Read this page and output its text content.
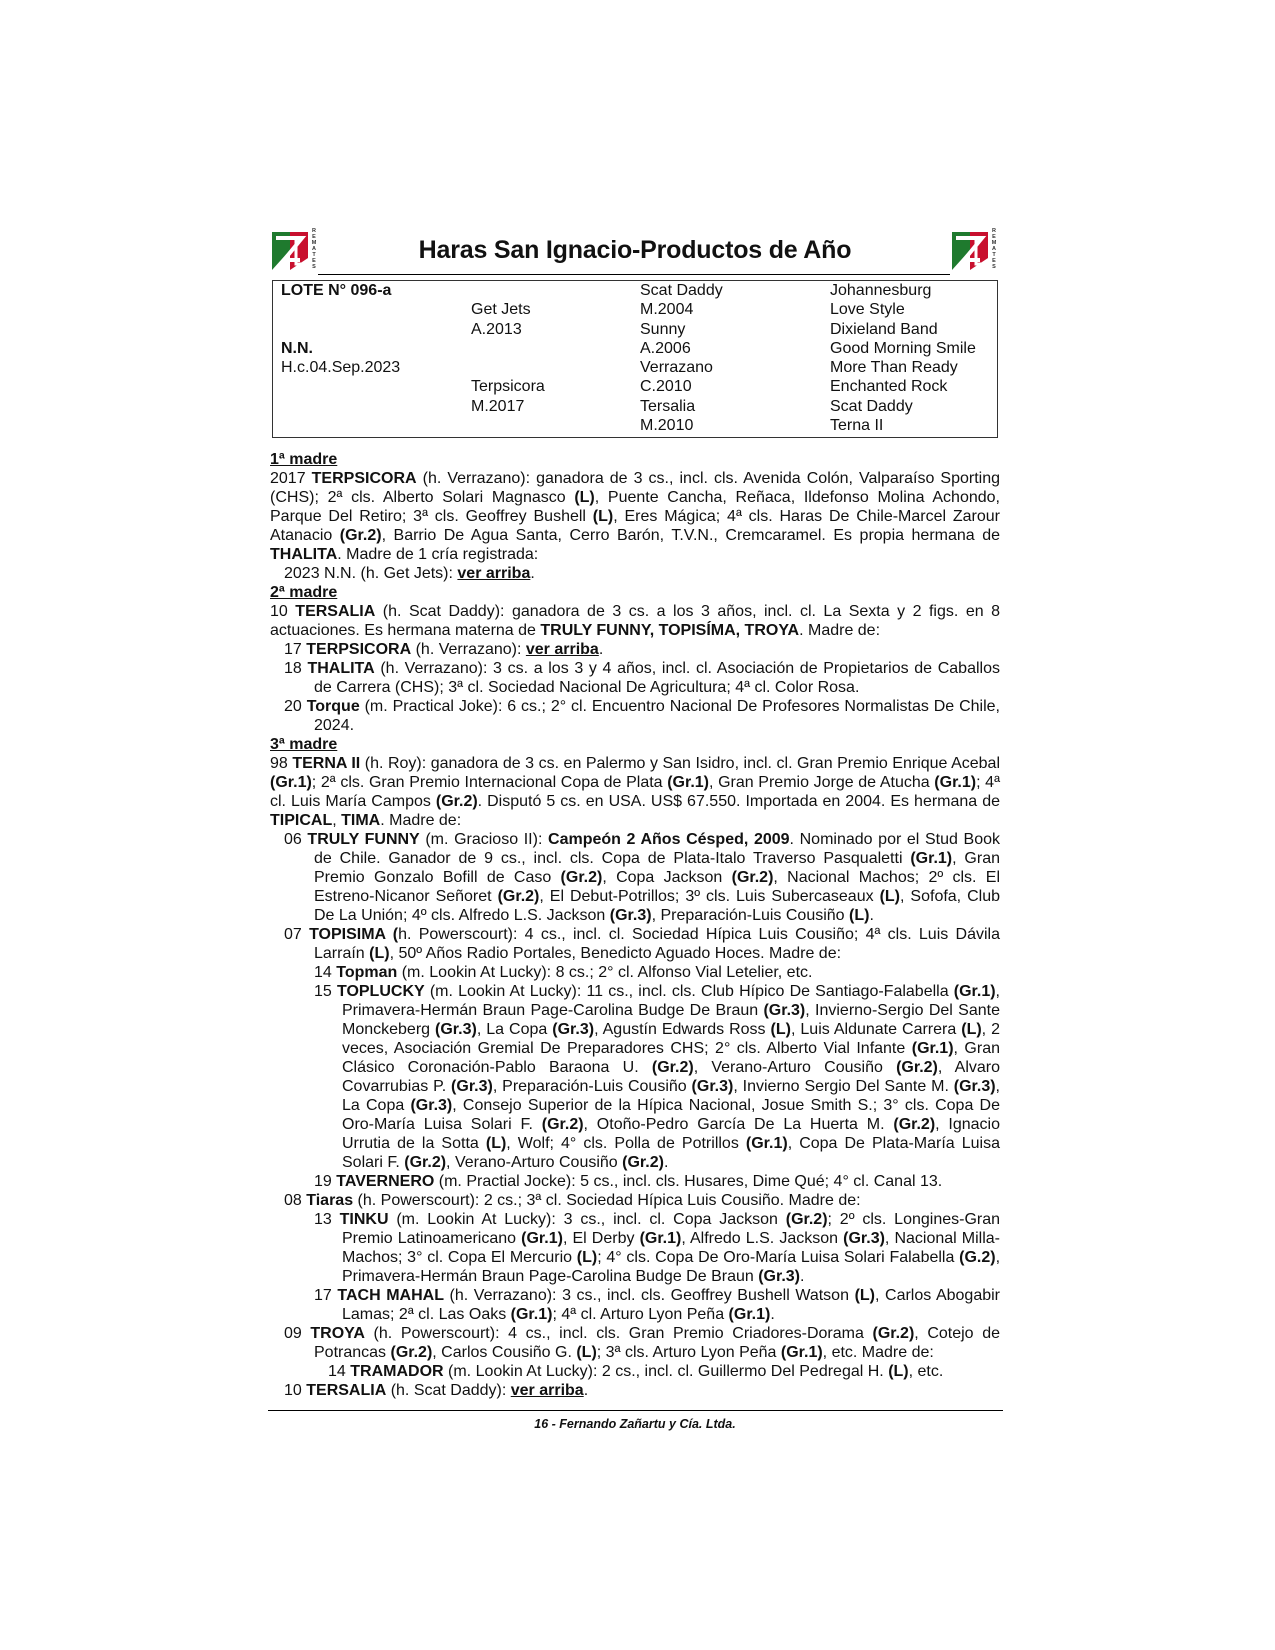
R
E
M
A
T
E
S
Haras San Ignacio-Productos de Año
R
E
M
A
T
E
S
LOTE N° 096-a
N.N.
H.c.04.Sep.2023
Get Jets
A.2013
Terpsicora
M.2017
Scat Daddy
M.2004
Sunny
A.2006
Verrazano
C.2010
Tersalia
M.2010
Johannesburg
Love Style
Dixieland Band
Good Morning Smile
More Than Ready
Enchanted Rock
Scat Daddy
Terna II
1ª madre
2017 TERPSICORA (h. Verrazano): ganadora de 3 cs., incl. cls. Avenida Colón, Valparaíso Sporting (CHS); 2ª cls. Alberto Solari Magnasco (L), Puente Cancha, Reñaca, Ildefonso Molina Achondo, Parque Del Retiro; 3ª cls. Geoffrey Bushell (L), Eres Mágica; 4ª cls. Haras De Chile-Marcel Zarour Atanacio (Gr.2), Barrio De Agua Santa, Cerro Barón, T.V.N., Cremcaramel. Es propia hermana de THALITA. Madre de 1 cría registrada:
2023 N.N. (h. Get Jets): ver arriba.
2ª madre
10 TERSALIA (h. Scat Daddy): ganadora de 3 cs. a los 3 años, incl. cl. La Sexta y 2 figs. en 8 actuaciones. Es hermana materna de TRULY FUNNY, TOPISÍMA, TROYA. Madre de:
17 TERPSICORA (h. Verrazano): ver arriba.
18 THALITA (h. Verrazano): 3 cs. a los 3 y 4 años, incl. cl. Asociación de Propietarios de Caballos de Carrera (CHS); 3ª cl. Sociedad Nacional De Agricultura; 4ª cl. Color Rosa.
20 Torque (m. Practical Joke): 6 cs.; 2° cl. Encuentro Nacional De Profesores Normalistas De Chile, 2024.
3ª madre
98 TERNA II (h. Roy): ganadora de 3 cs. en Palermo y San Isidro, incl. cl. Gran Premio Enrique Acebal (Gr.1); 2ª cls. Gran Premio Internacional Copa de Plata (Gr.1), Gran Premio Jorge de Atucha (Gr.1); 4ª cl. Luis María Campos (Gr.2). Disputó 5 cs. en USA. US$ 67.550. Importada en 2004. Es hermana de TIPICAL, TIMA. Madre de:
06 TRULY FUNNY (m. Gracioso II): Campeón 2 Años Césped, 2009. Nominado por el Stud Book de Chile. Ganador de 9 cs., incl. cls. Copa de Plata-Italo Traverso Pasqualetti (Gr.1), Gran Premio Gonzalo Bofill de Caso (Gr.2), Copa Jackson (Gr.2), Nacional Machos; 2º cls. El Estreno-Nicanor Señoret (Gr.2), El Debut-Potrillos; 3º cls. Luis Subercaseaux (L), Sofofa, Club De La Unión; 4º cls. Alfredo L.S. Jackson (Gr.3), Preparación-Luis Cousiño (L).
07 TOPISIMA (h. Powerscourt): 4 cs., incl. cl. Sociedad Hípica Luis Cousiño; 4ª cls. Luis Dávila Larraín (L), 50º Años Radio Portales, Benedicto Aguado Hoces. Madre de:
14 Topman (m. Lookin At Lucky): 8 cs.; 2° cl. Alfonso Vial Letelier, etc.
15 TOPLUCKY (m. Lookin At Lucky): 11 cs., incl. cls. Club Hípico De Santiago-Falabella (Gr.1), Primavera-Hermán Braun Page-Carolina Budge De Braun (Gr.3), Invierno-Sergio Del Sante Monckeberg (Gr.3), La Copa (Gr.3), Agustín Edwards Ross (L), Luis Aldunate Carrera (L), 2 veces, Asociación Gremial De Preparadores CHS; 2° cls. Alberto Vial Infante (Gr.1), Gran Clásico Coronación-Pablo Baraona U. (Gr.2), Verano-Arturo Cousiño (Gr.2), Alvaro Covarrubias P. (Gr.3), Preparación-Luis Cousiño (Gr.3), Invierno Sergio Del Sante M. (Gr.3), La Copa (Gr.3), Consejo Superior de la Hípica Nacional, Josue Smith S.; 3° cls. Copa De Oro-María Luisa Solari F. (Gr.2), Otoño-Pedro García De La Huerta M. (Gr.2), Ignacio Urrutia de la Sotta (L), Wolf; 4° cls. Polla de Potrillos (Gr.1), Copa De Plata-María Luisa Solari F. (Gr.2), Verano-Arturo Cousiño (Gr.2).
19 TAVERNERO (m. Practial Jocke): 5 cs., incl. cls. Husares, Dime Qué; 4° cl. Canal 13.
08 Tiaras (h. Powerscourt): 2 cs.; 3ª cl. Sociedad Hípica Luis Cousiño. Madre de:
13 TINKU (m. Lookin At Lucky): 3 cs., incl. cl. Copa Jackson (Gr.2); 2º cls. Longines-Gran Premio Latinoamericano (Gr.1), El Derby (Gr.1), Alfredo L.S. Jackson (Gr.3), Nacional Milla-Machos; 3° cl. Copa El Mercurio (L); 4° cls. Copa De Oro-María Luisa Solari Falabella (G.2), Primavera-Hermán Braun Page-Carolina Budge De Braun (Gr.3).
17 TACH MAHAL (h. Verrazano): 3 cs., incl. cls. Geoffrey Bushell Watson (L), Carlos Abogabir Lamas; 2ª cl. Las Oaks (Gr.1); 4ª cl. Arturo Lyon Peña (Gr.1).
09 TROYA (h. Powerscourt): 4 cs., incl. cls. Gran Premio Criadores-Dorama (Gr.2), Cotejo de Potrancas (Gr.2), Carlos Cousiño G. (L); 3ª cls. Arturo Lyon Peña (Gr.1), etc. Madre de:
14 TRAMADOR (m. Lookin At Lucky): 2 cs., incl. cl. Guillermo Del Pedregal H. (L), etc.
10 TERSALIA (h. Scat Daddy): ver arriba.
16 - Fernando Zañartu y Cía. Ltda.
